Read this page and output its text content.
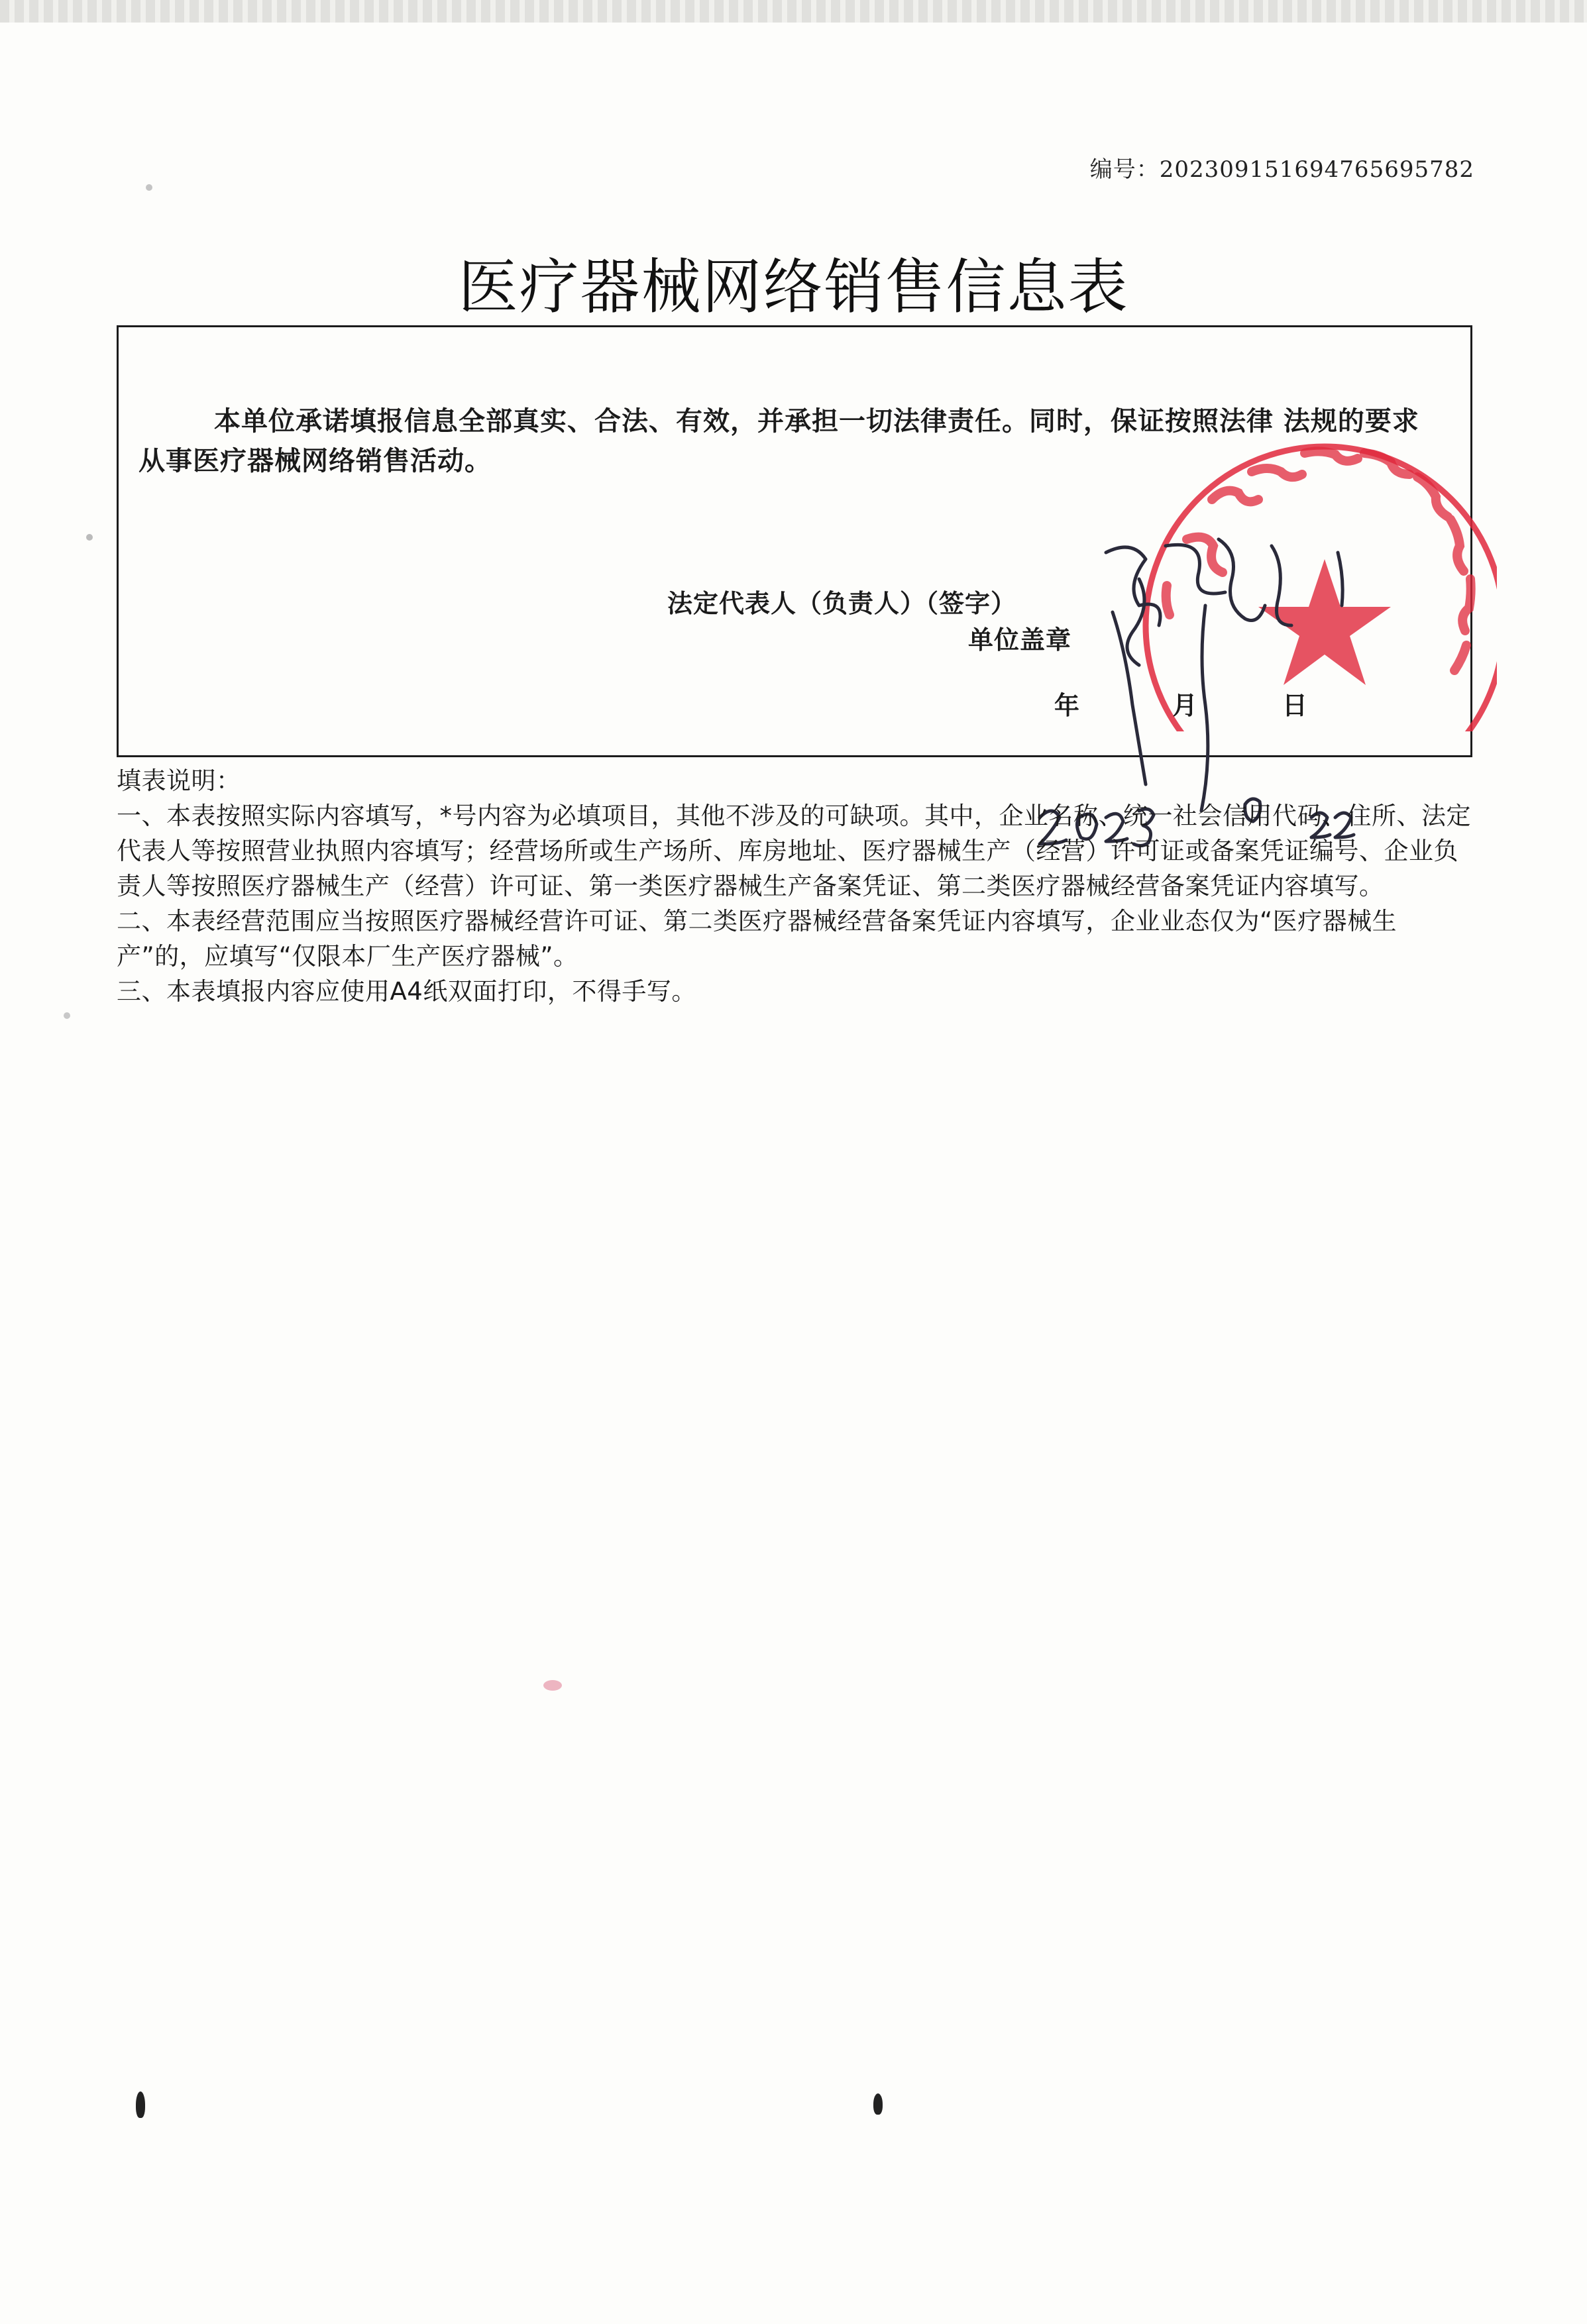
编号：20230915169476569578​2
医疗器械网络销售信息表
本单位承诺填报信息全部真实、合法、有效，并承担一切法律责任。同时，保证按照法律 法规的要求从事医疗器械网络销售活动。
法定代表人（负责人）（签字）
单位盖章
年	月	日

填表说明：

一、本表按照实际内容填写，*号内容为必填项目，其他不涉及的可缺项。其中，企业名称、统一社会信用代码、住所、法定代表人等按照营业执照内容填写；经营场所或生产场所、库房地址、医疗器械生产（经营）许可证或备案凭证编号、企业负责人等按照医疗器械生产（经营）许可证、第一类医疗器械生产备案凭证、第二类医疗器械经营备案凭证内容填写。

二、本表经营范围应当按照医疗器械经营许可证、第二类医疗器械经营备案凭证内容填写，企业业态仅为“医疗器械生产”的，应填写“仅限本厂生产医疗器械”。

三、本表填报内容应使用A4纸双面打印，不得手写。
